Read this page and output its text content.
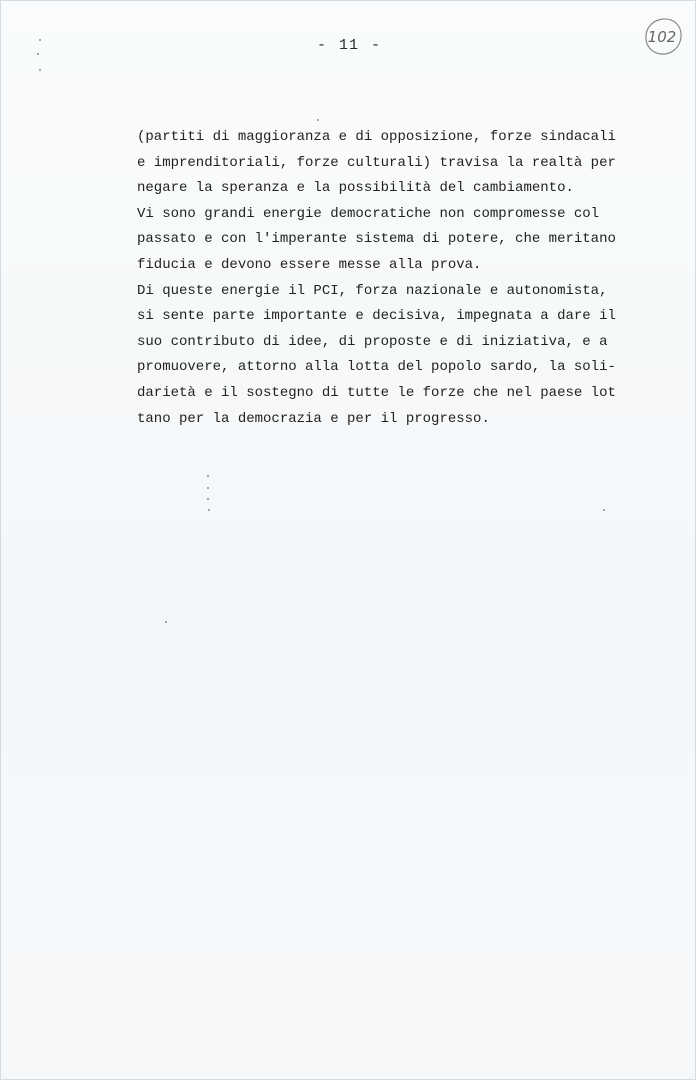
- 11 -	102
(partiti di maggioranza e di opposizione, forze sindacali
e imprenditoriali, forze culturali) travisa la realtà per
negare la speranza e la possibilità del cambiamento.
Vi sono grandi energie democratiche non compromesse col
passato e con l'imperante sistema di potere, che meritano
fiducia e devono essere messe alla prova.
Di queste energie il PCI, forza nazionale e autonomista,
si sente parte importante e decisiva, impegnata a dare il
suo contributo di idee, di proposte e di iniziativa, e a
promuovere, attorno alla lotta del popolo sardo, la soli-
darietà e il sostegno di tutte le forze che nel paese lot
tano per la democrazia e per il progresso.
